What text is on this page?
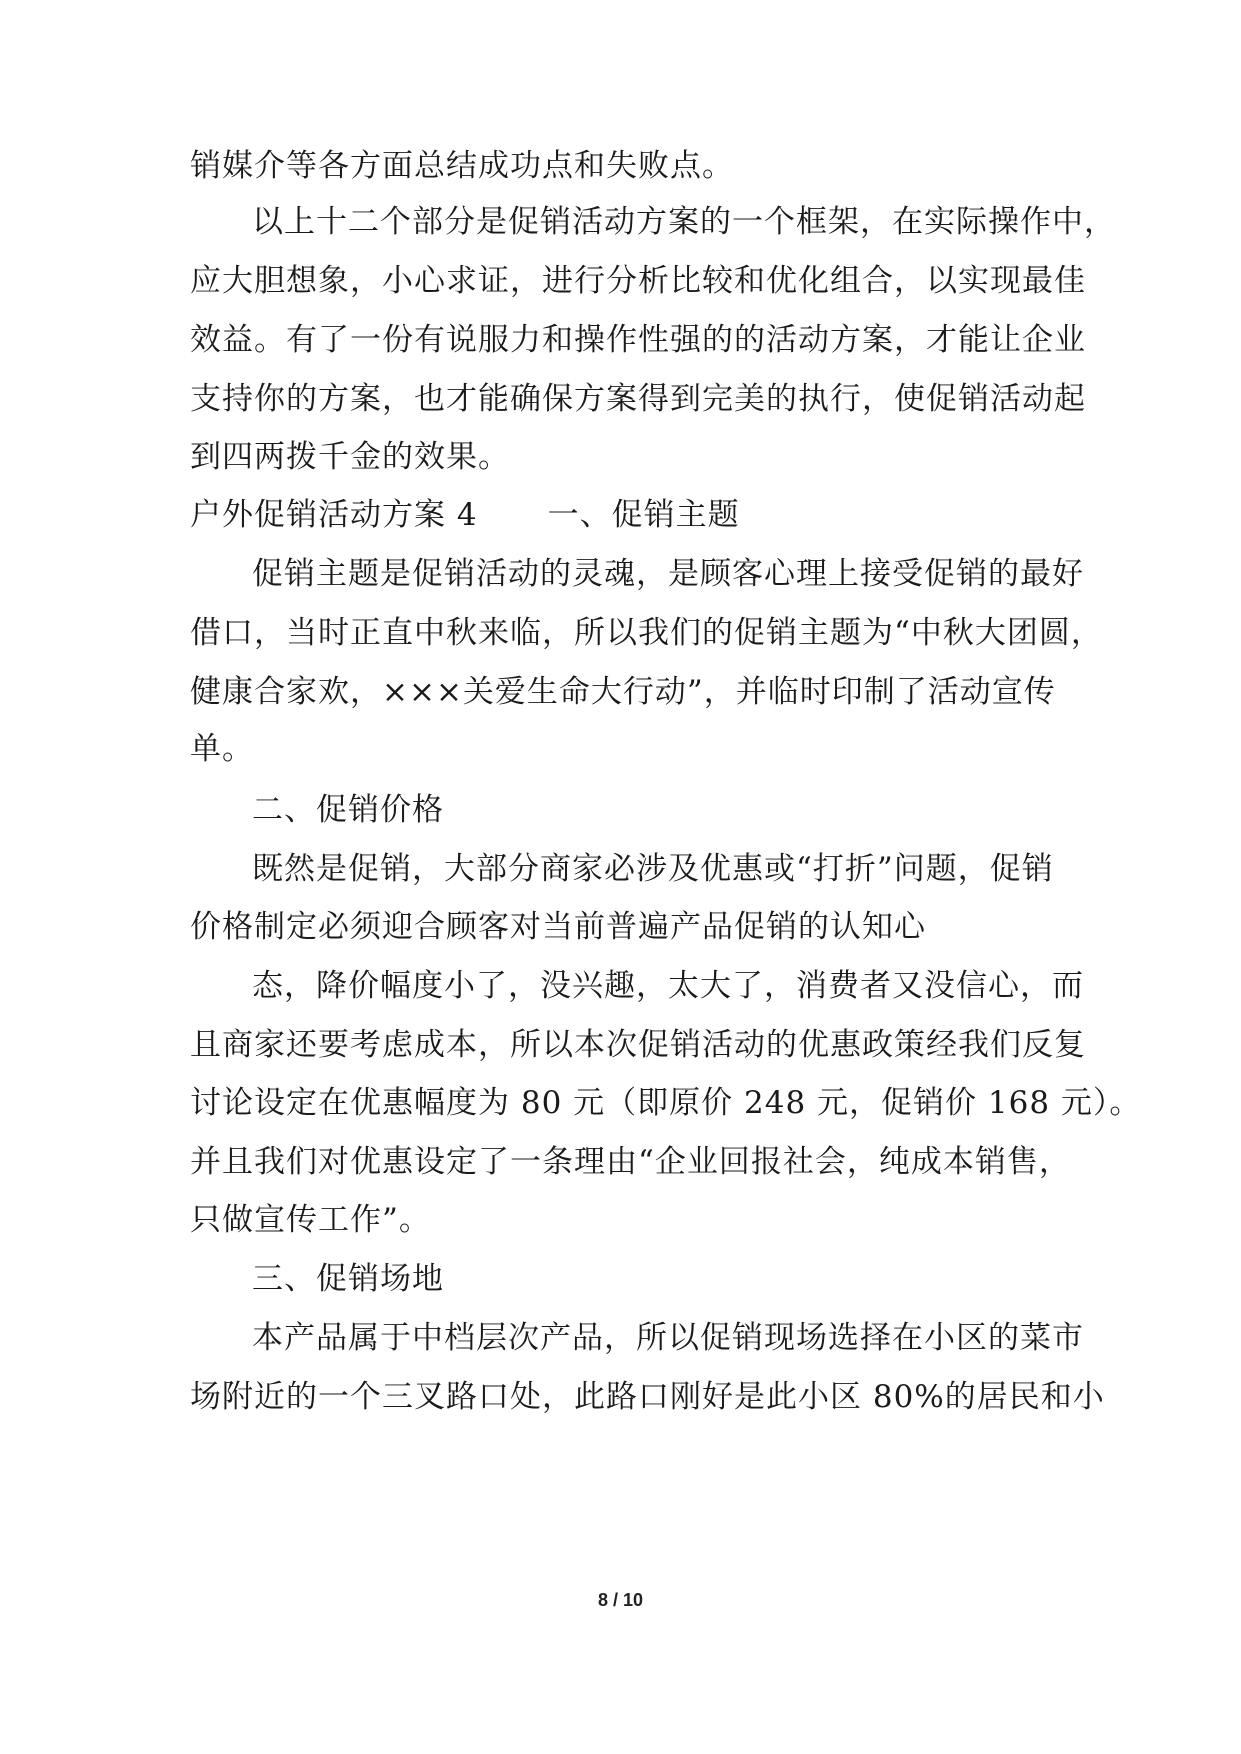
销媒介等各方面总结成功点和失败点。
以上十二个部分是促销活动方案的一个框架，在实际操作中，
应大胆想象，小心求证，进行分析比较和优化组合，以实现最佳
效益。有了一份有说服力和操作性强的的活动方案，才能让企业
支持你的方案，也才能确保方案得到完美的执行，使促销活动起
到四两拨千金的效果。
户外促销活动方案 4 一、促销主题
促销主题是促销活动的灵魂，是顾客心理上接受促销的最好
借口，当时正直中秋来临，所以我们的促销主题为“中秋大团圆，
健康合家欢，×××关爱生命大行动”，并临时印制了活动宣传
单。
二、促销价格
既然是促销，大部分商家必涉及优惠或“打折”问题，促销
价格制定必须迎合顾客对当前普遍产品促销的认知心
态，降价幅度小了，没兴趣，太大了，消费者又没信心，而
且商家还要考虑成本，所以本次促销活动的优惠政策经我们反复
讨论设定在优惠幅度为 80 元（即原价 248 元，促销价 168 元）。
并且我们对优惠设定了一条理由“企业回报社会，纯成本销售，
只做宣传工作”。
三、促销场地
本产品属于中档层次产品，所以促销现场选择在小区的菜市
场附近的一个三叉路口处，此路口刚好是此小区 80%的居民和小
8 / 10
